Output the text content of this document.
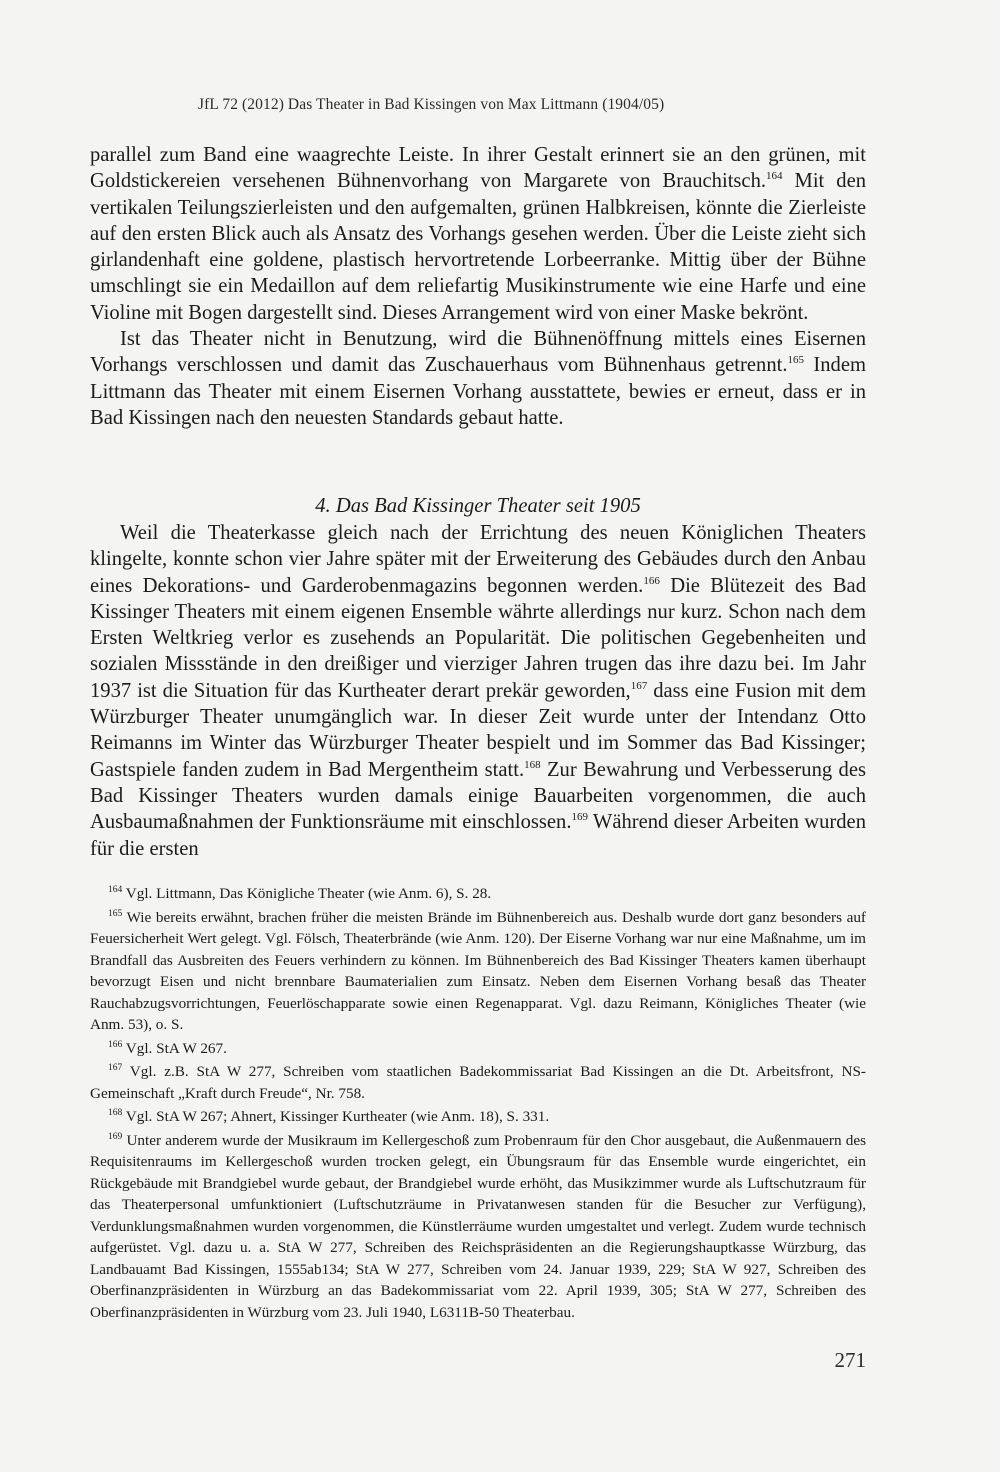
JfL 72 (2012) Das Theater in Bad Kissingen von Max Littmann (1904/05)

parallel zum Band eine waagrechte Leiste. In ihrer Gestalt erinnert sie an den grünen, mit Goldstickereien versehenen Bühnenvorhang von Margarete von Brauchitsch.$^{164}$ Mit den vertikalen Teilungszierleisten und den aufgemalten, grünen Halbkreisen, könnte die Zierleiste auf den ersten Blick auch als Ansatz des Vorhangs gesehen werden. Über die Leiste zieht sich girlandenhaft eine goldene, plastisch hervortretende Lorbeerranke. Mittig über der Bühne umschlingt sie ein Medaillon auf dem reliefartig Musikinstrumente wie eine Harfe und eine Violine mit Bogen dargestellt sind. Dieses Arrangement wird von einer Maske bekrönt.

Ist das Theater nicht in Benutzung, wird die Bühnenöffnung mittels eines Eisernen Vorhangs verschlossen und damit das Zuschauerhaus vom Bühnenhaus getrennt.$^{165}$ Indem Littmann das Theater mit einem Eisernen Vorhang ausstattete, bewies er erneut, dass er in Bad Kissingen nach den neuesten Standards gebaut hatte.

4. Das Bad Kissinger Theater seit 1905

Weil die Theaterkasse gleich nach der Errichtung des neuen Königlichen Theaters klingelte, konnte schon vier Jahre später mit der Erweiterung des Gebäudes durch den Anbau eines Dekorations- und Garderobenmagazins begonnen werden.$^{166}$ Die Blütezeit des Bad Kissinger Theaters mit einem eigenen Ensemble währte allerdings nur kurz. Schon nach dem Ersten Weltkrieg verlor es zusehends an Popularität. Die politischen Gegebenheiten und sozialen Missstände in den dreißiger und vierziger Jahren trugen das ihre dazu bei. Im Jahr 1937 ist die Situation für das Kurtheater derart prekär geworden,$^{167}$ dass eine Fusion mit dem Würzburger Theater unumgänglich war. In dieser Zeit wurde unter der Intendanz Otto Reimanns im Winter das Würzburger Theater bespielt und im Sommer das Bad Kissinger; Gastspiele fanden zudem in Bad Mergentheim statt.$^{168}$ Zur Bewahrung und Verbesserung des Bad Kissinger Theaters wurden damals einige Bauarbeiten vorgenommen, die auch Ausbaumaßnahmen der Funktionsräume mit einschlossen.$^{169}$ Während dieser Arbeiten wurden für die ersten

$^{164}$ Vgl. Littmann, Das Königliche Theater (wie Anm. 6), S. 28.

$^{165}$ Wie bereits erwähnt, brachen früher die meisten Brände im Bühnenbereich aus. Deshalb wurde dort ganz besonders auf Feuersicherheit Wert gelegt. Vgl. Fölsch, Theaterbrände (wie Anm. 120). Der Eiserne Vorhang war nur eine Maßnahme, um im Brandfall das Ausbreiten des Feuers verhindern zu können. Im Bühnenbereich des Bad Kissinger Theaters kamen überhaupt bevorzugt Eisen und nicht brennbare Baumaterialien zum Einsatz. Neben dem Eisernen Vorhang besaß das Theater Rauchabzugsvorrichtungen, Feuerlöschapparate sowie einen Regenapparat. Vgl. dazu Reimann, Königliches Theater (wie Anm. 53), o. S.

$^{166}$ Vgl. StA W 267.

$^{167}$ Vgl. z.B. StA W 277, Schreiben vom staatlichen Badekommissariat Bad Kissingen an die Dt. Arbeitsfront, NS-Gemeinschaft „Kraft durch Freude“, Nr. 758.

$^{168}$ Vgl. StA W 267; Ahnert, Kissinger Kurtheater (wie Anm. 18), S. 331.

$^{169}$ Unter anderem wurde der Musikraum im Kellergeschoß zum Probenraum für den Chor ausgebaut, die Außenmauern des Requisitenraums im Kellergeschoß wurden trocken gelegt, ein Übungsraum für das Ensemble wurde eingerichtet, ein Rückgebäude mit Brandgiebel wurde gebaut, der Brandgiebel wurde erhöht, das Musikzimmer wurde als Luftschutzraum für das Theaterpersonal umfunktioniert (Luftschutzräume in Privatanwesen standen für die Besucher zur Verfügung), Verdunklungsmaßnahmen wurden vorgenommen, die Künstlerräume wurden umgestaltet und verlegt. Zudem wurde technisch aufgerüstet. Vgl. dazu u. a. StA W 277, Schreiben des Reichspräsidenten an die Regierungshauptkasse Würzburg, das Landbauamt Bad Kissingen, 1555ab134; StA W 277, Schreiben vom 24. Januar 1939, 229; StA W 927, Schreiben des Oberfinanzpräsidenten in Würzburg an das Badekommissariat vom 22. April 1939, 305; StA W 277, Schreiben des Oberfinanzpräsidenten in Würzburg vom 23. Juli 1940, L6311B-50 Theaterbau.

271
